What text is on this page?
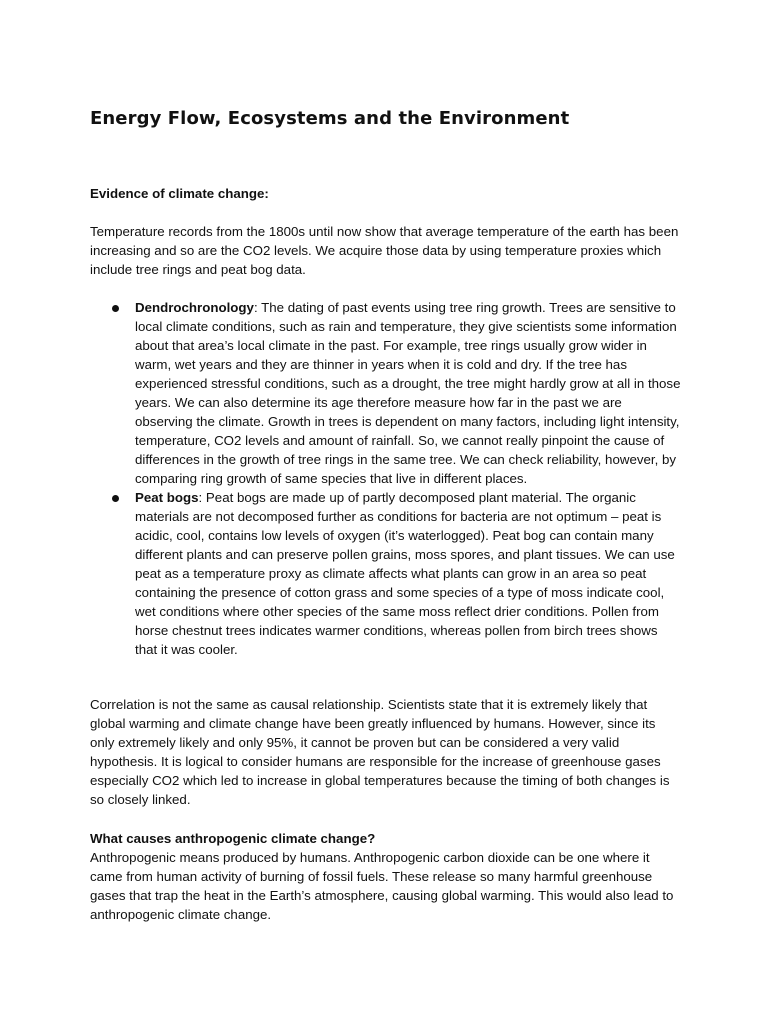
Energy Flow, Ecosystems and the Environment

Evidence of climate change:

Temperature records from the 1800s until now show that average temperature of the earth has been increasing and so are the CO2 levels. We acquire those data by using temperature proxies which include tree rings and peat bog data.

Dendrochronology: The dating of past events using tree ring growth. Trees are sensitive to local climate conditions, such as rain and temperature, they give scientists some information about that area’s local climate in the past. For example, tree rings usually grow wider in warm, wet years and they are thinner in years when it is cold and dry. If the tree has experienced stressful conditions, such as a drought, the tree might hardly grow at all in those years. We can also determine its age therefore measure how far in the past we are observing the climate. Growth in trees is dependent on many factors, including light intensity, temperature, CO2 levels and amount of rainfall. So, we cannot really pinpoint the cause of differences in the growth of tree rings in the same tree. We can check reliability, however, by comparing ring growth of same species that live in different places.
Peat bogs: Peat bogs are made up of partly decomposed plant material. The organic materials are not decomposed further as conditions for bacteria are not optimum – peat is acidic, cool, contains low levels of oxygen (it’s waterlogged). Peat bog can contain many different plants and can preserve pollen grains, moss spores, and plant tissues. We can use peat as a temperature proxy as climate affects what plants can grow in an area so peat containing the presence of cotton grass and some species of a type of moss indicate cool, wet conditions where other species of the same moss reflect drier conditions. Pollen from horse chestnut trees indicates warmer conditions, whereas pollen from birch trees shows that it was cooler.

Correlation is not the same as causal relationship. Scientists state that it is extremely likely that global warming and climate change have been greatly influenced by humans. However, since its only extremely likely and only 95%, it cannot be proven but can be considered a very valid hypothesis. It is logical to consider humans are responsible for the increase of greenhouse gases especially CO2 which led to increase in global temperatures because the timing of both changes is so closely linked.

What causes anthropogenic climate change?

Anthropogenic means produced by humans. Anthropogenic carbon dioxide can be one where it came from human activity of burning of fossil fuels. These release so many harmful greenhouse gases that trap the heat in the Earth’s atmosphere, causing global warming. This would also lead to anthropogenic climate change.
